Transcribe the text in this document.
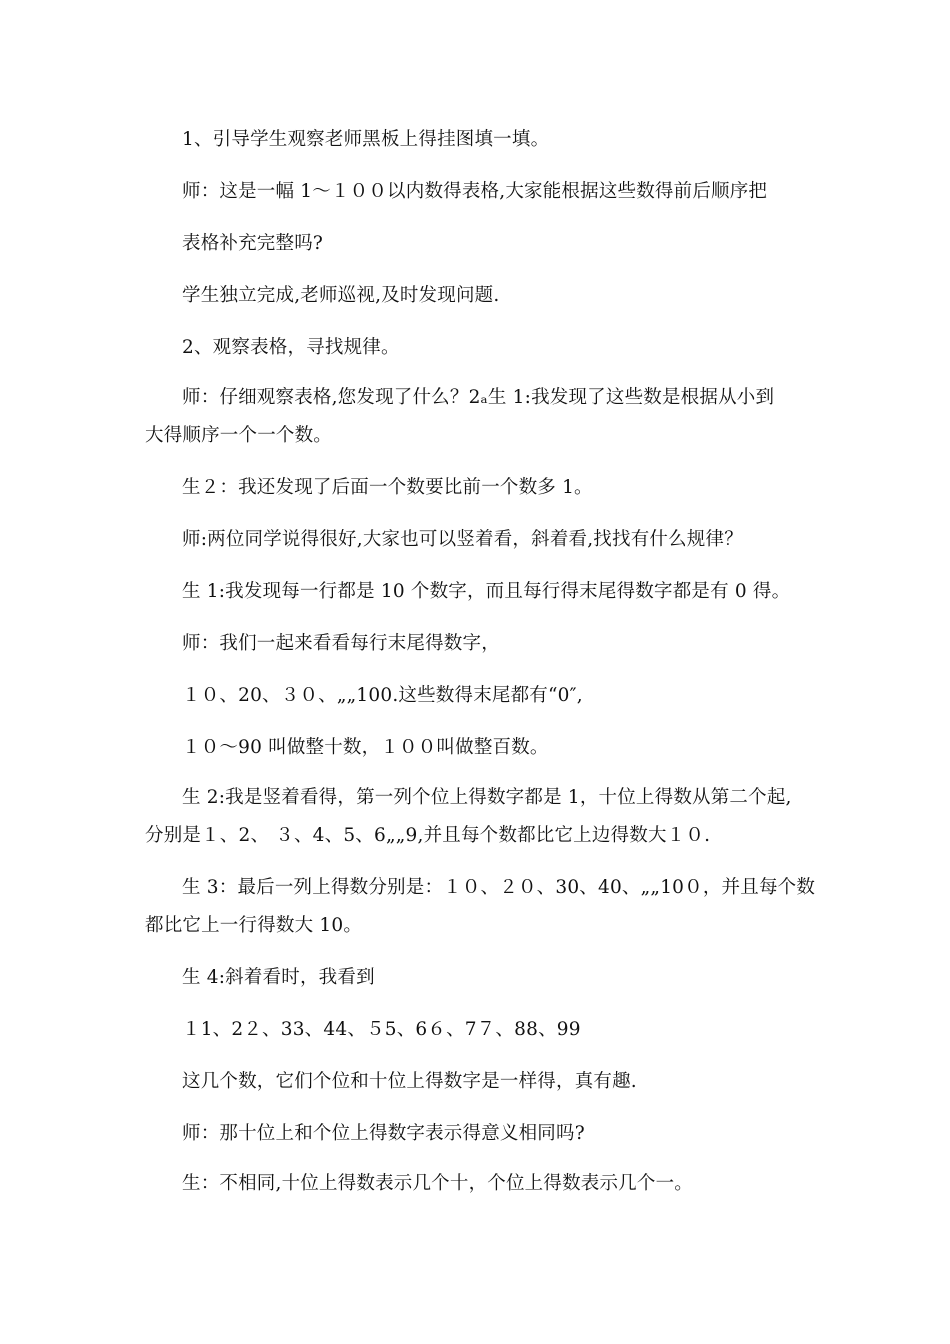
1、引导学生观察老师黑板上得挂图填一填。
师：这是一幅 1～１００以内数得表格,大家能根据这些数得前后顺序把
表格补充完整吗?
学生独立完成,老师巡视,及时发现问题.
2、观察表格，寻找规律。
师：仔细观察表格,您发现了什么？2ₐ生 1:我发现了这些数是根据从小到
大得顺序一个一个数。
生２：我还发现了后面一个数要比前一个数多 1。
师:两位同学说得很好,大家也可以竖着看，斜着看,找找有什么规律？
生 1:我发现每一行都是 10 个数字，而且每行得末尾得数字都是有 0 得。
师：我们一起来看看每行末尾得数字，
１０、20、３０、„„100.这些数得末尾都有“0″,
１０～90 叫做整十数，１００叫做整百数。
生 2:我是竖着看得，第一列个位上得数字都是 1，十位上得数从第二个起,
分别是１、2、 ３、4、5、6„„9,并且每个数都比它上边得数大１０.
生 3：最后一列上得数分别是：１０、２０、30、40、„„10０，并且每个数
都比它上一行得数大 10。
生 4:斜着看时，我看到
１1、2２、33、44、５5、6６、7７、88、99
这几个数，它们个位和十位上得数字是一样得，真有趣.
师：那十位上和个位上得数字表示得意义相同吗?
生：不相同,十位上得数表示几个十，个位上得数表示几个一。
